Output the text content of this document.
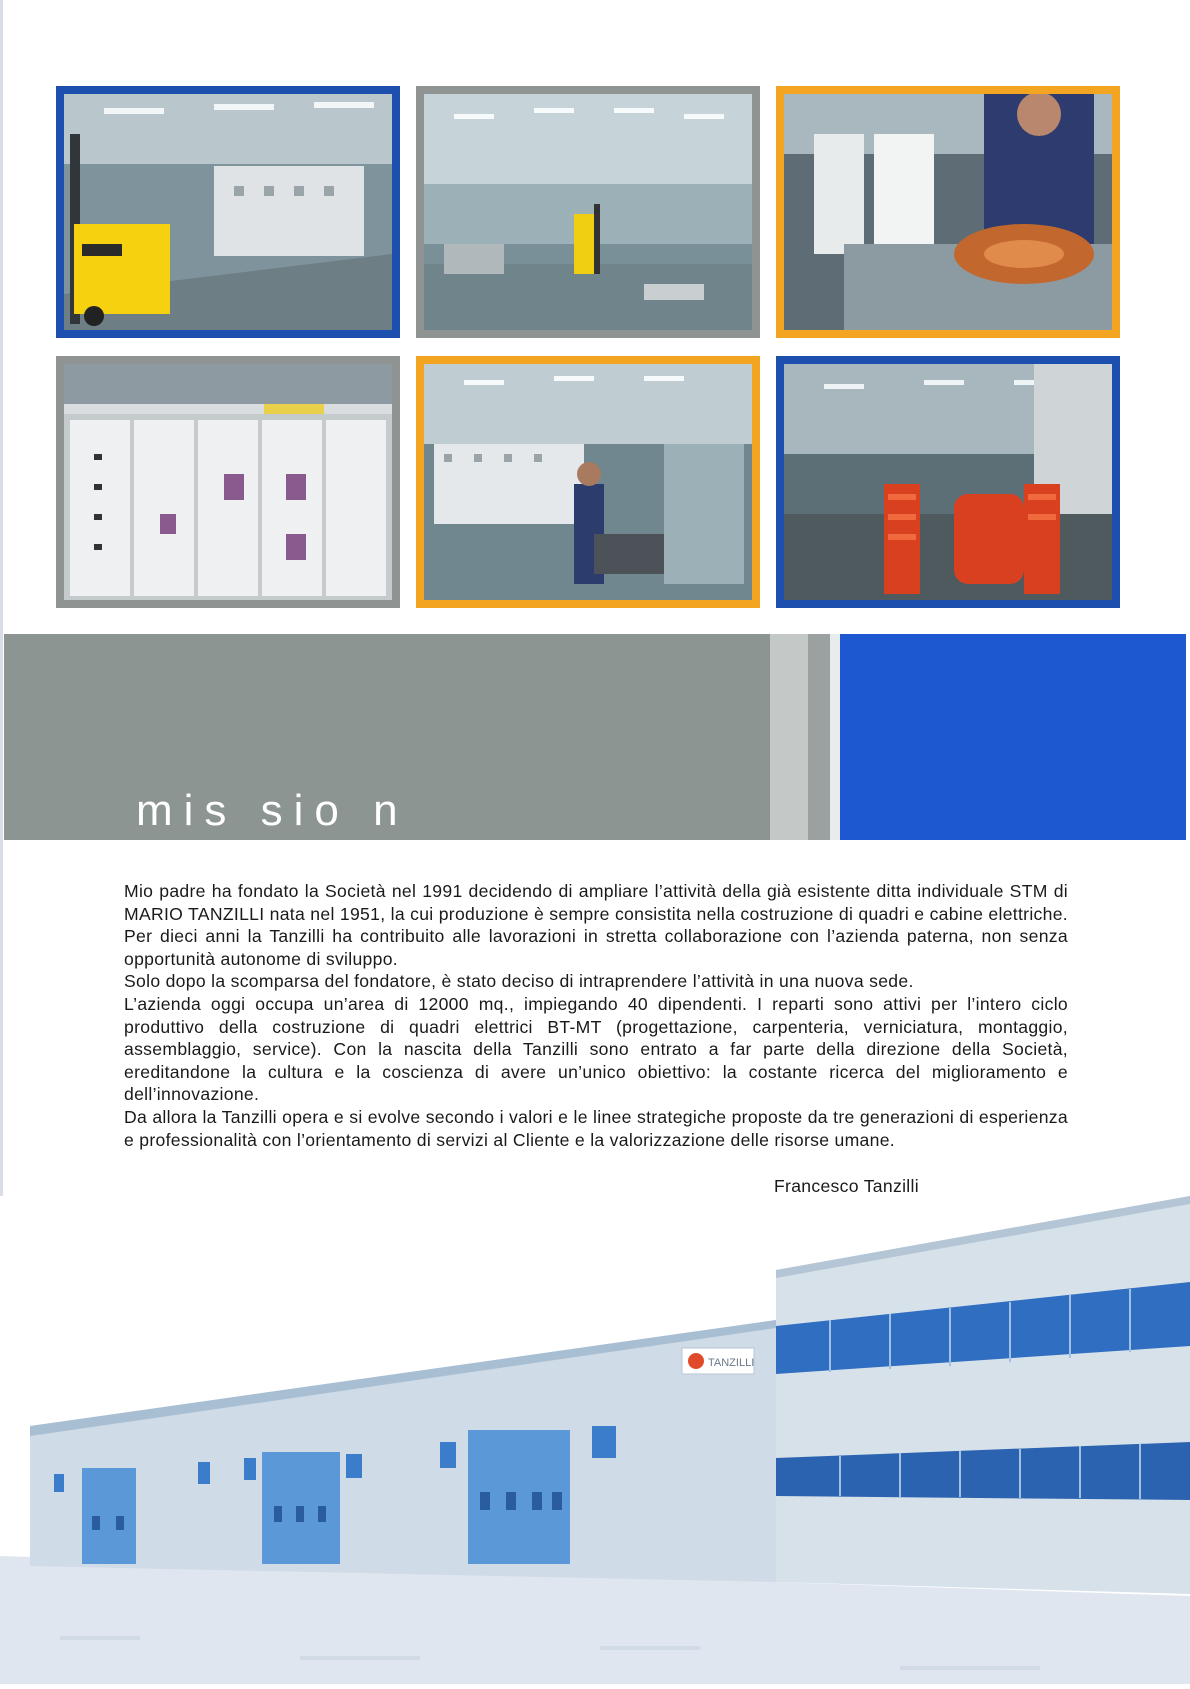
mis sio n

Mio padre ha fondato la Società nel 1991 decidendo di ampliare l’attività della già esistente ditta individuale STM di MARIO TANZILLI nata nel 1951, la cui produzione è sempre consistita nella costruzione di quadri e cabine elettriche. Per dieci anni la Tanzilli ha contribuito alle lavorazioni in stretta collaborazione con l’azienda paterna, non senza opportunità autonome di sviluppo.

Solo dopo la scomparsa del fondatore, è stato deciso di intraprendere l’attività in una nuova sede.

L’azienda oggi occupa un’area di 12000 mq., impiegando 40 dipendenti. I reparti sono attivi per l’intero ciclo produttivo della costruzione di quadri elettrici BT-MT (progettazione, carpenteria, verniciatura, montaggio, assemblaggio, service). Con la nascita della Tanzilli sono entrato a far parte della direzione della Società, ereditandone la cultura e la coscienza di avere un’unico obiettivo: la costante ricerca del miglioramento e dell’innovazione.

Da allora la Tanzilli opera e si evolve secondo i valori e le linee strategiche proposte da tre generazioni di esperienza e professionalità con l’orientamento di servizi al Cliente e la valorizzazione delle risorse umane.

Francesco Tanzilli
TANZILLI
